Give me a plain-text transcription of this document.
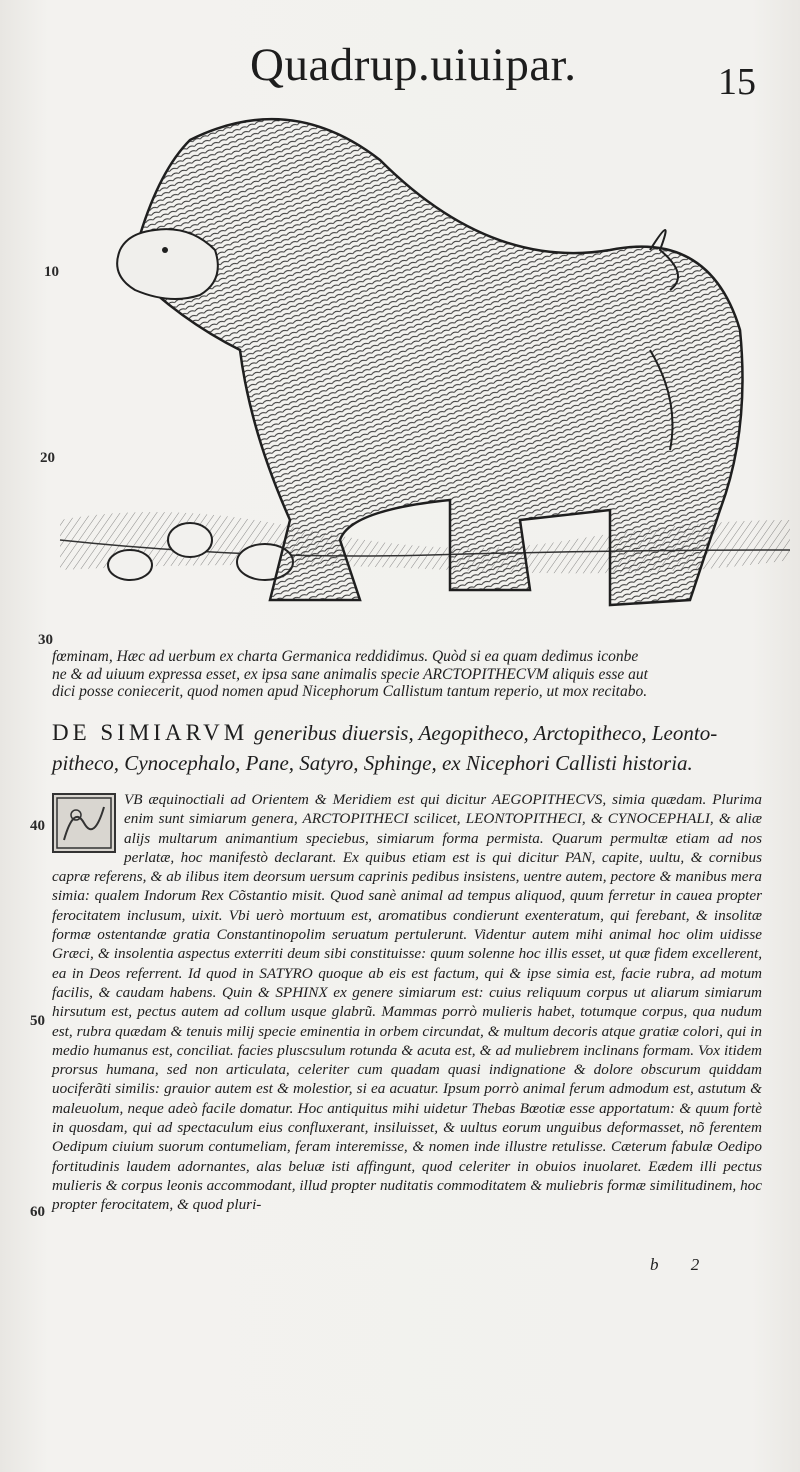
Quadrup.uiuipar.	15
10
20
30
40
50
60

fœminam, Hæc ad uerbum ex charta Germanica reddidimus. Quòd si ea quam dedimus iconbe

ne & ad uiuum expressa esset, ex ipsa sane animalis specie ARCTOPITHECVM aliquis esse aut

dici posse coniecerit, quod nomen apud Nicephorum Callistum tantum reperio, ut mox recitabo.

DE SIMIARVM generibus diuersis, Aegopitheco, Arctopitheco, Leonto-pitheco, Cynocephalo, Pane, Satyro, Sphinge, ex Nicephori Callisti historia.

VB æquinoctiali ad Orientem & Meridiem est qui dicitur AEGOPITHECVS, simia quædam. Plurima enim sunt simiarum genera, ARCTOPITHECI scilicet, LEONTOPITHECI, & CYNOCEPHALI, & aliæ alijs multarum animantium speciebus, simiarum forma permista. Quarum permultæ etiam ad nos perlatæ, hoc manifestò declarant. Ex quibus etiam est is qui dicitur PAN, capite, uultu, & cornibus capræ referens, & ab ilibus item deorsum uersum caprinis pedibus insistens, uentre autem, pectore & manibus mera simia: qualem Indorum Rex Cõstantio misit. Quod sanè animal ad tempus aliquod, quum ferretur in cauea propter ferocitatem inclusum, uixit. Vbi uerò mortuum est, aromatibus condierunt exenteratum, qui ferebant, & insolitæ formæ ostentandæ gratia Constantinopolim seruatum pertulerunt. Videntur autem mihi animal hoc olim uidisse Græci, & insolentia aspectus exterriti deum sibi constituisse: quum solenne hoc illis esset, ut quæ fidem excellerent, ea in Deos referrent. Id quod in SATYRO quoque ab eis est factum, qui & ipse simia est, facie rubra, ad motum facilis, & caudam habens. Quin & SPHINX ex genere simiarum est: cuius reliquum corpus ut aliarum simiarum hirsutum est, pectus autem ad collum usque glabrũ. Mammas porrò mulieris habet, totumque corpus, qua nudum est, rubra quædam & tenuis milij specie eminentia in orbem circundat, & multum decoris atque gratiæ colori, qui in medio humanus est, conciliat. facies pluscsulum rotunda & acuta est, & ad muliebrem inclinans formam. Vox itidem prorsus humana, sed non articulata, celeriter cum quadam quasi indignatione & dolore obscurum quiddam uociferãti similis: grauior autem est & molestior, si ea acuatur. Ipsum porrò animal ferum admodum est, astutum & maleuolum, neque adeò facile domatur. Hoc antiquitus mihi uidetur Thebas Bœotiæ esse apportatum: & quum fortè in quosdam, qui ad spectaculum eius confluxerant, insiluisset, & uultus eorum unguibus deformasset, nõ ferentem Oedipum ciuium suorum contumeliam, feram interemisse, & nomen inde illustre retulisse. Cæterum fabulæ Oedipo fortitudinis laudem adornantes, alas beluæ isti affingunt, quod celeriter in obuios inuolaret. Eædem illi pectus mulieris & corpus leonis accommodant, illud propter nuditatis commoditatem & muliebris formæ similitudinem, hoc propter ferocitatem, & quod pluri-

b 2
